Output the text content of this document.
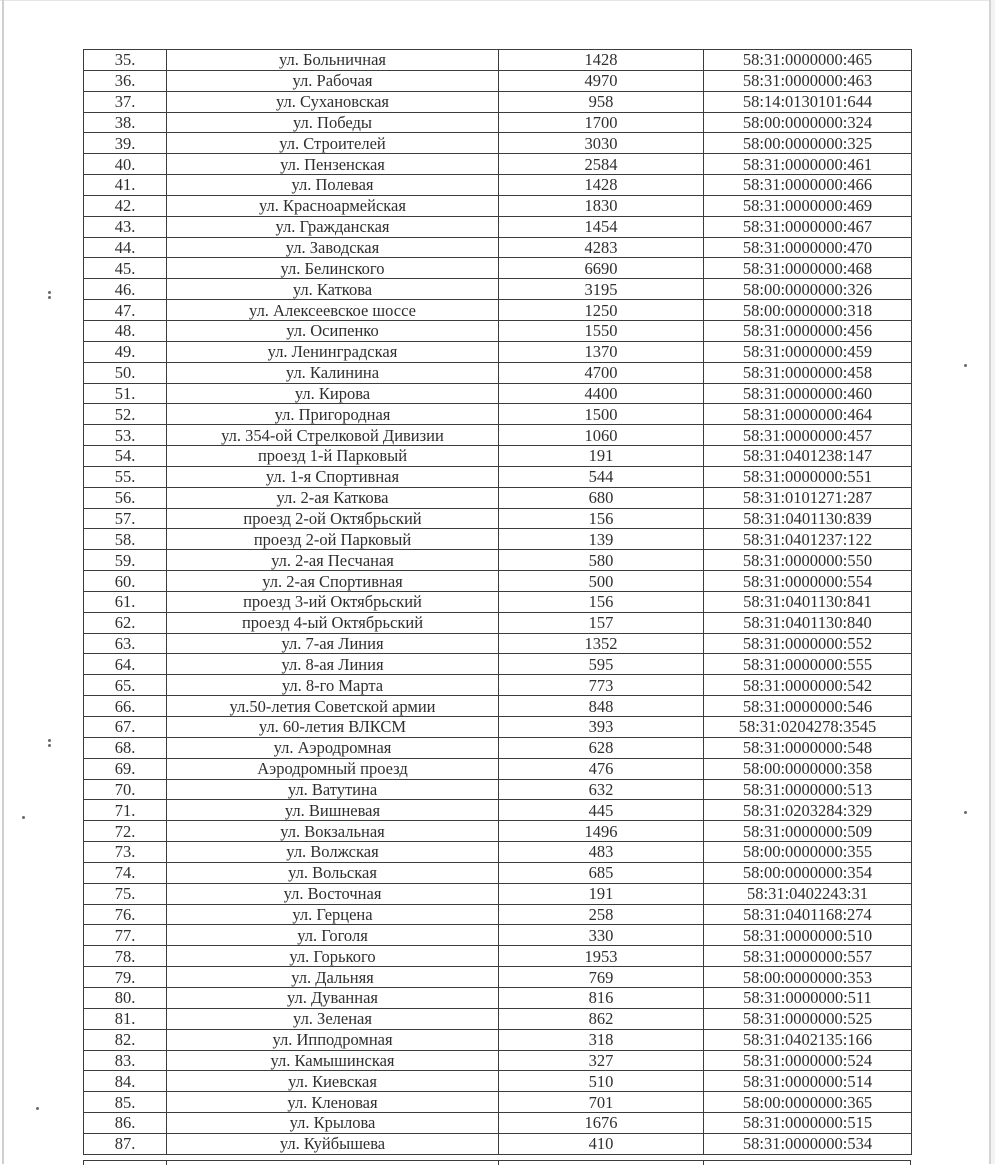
35.	ул. Больничная	1428	58:31:0000000:465
36.	ул. Рабочая	4970	58:31:0000000:463
37.	ул. Сухановская	958	58:14:0130101:644
38.	ул. Победы	1700	58:00:0000000:324
39.	ул. Строителей	3030	58:00:0000000:325
40.	ул. Пензенская	2584	58:31:0000000:461
41.	ул. Полевая	1428	58:31:0000000:466
42.	ул. Красноармейская	1830	58:31:0000000:469
43.	ул. Гражданская	1454	58:31:0000000:467
44.	ул. Заводская	4283	58:31:0000000:470
45.	ул. Белинского	6690	58:31:0000000:468
46.	ул. Каткова	3195	58:00:0000000:326
47.	ул. Алексеевское шоссе	1250	58:00:0000000:318
48.	ул. Осипенко	1550	58:31:0000000:456
49.	ул. Ленинградская	1370	58:31:0000000:459
50.	ул. Калинина	4700	58:31:0000000:458
51.	ул. Кирова	4400	58:31:0000000:460
52.	ул. Пригородная	1500	58:31:0000000:464
53.	ул. 354-ой Стрелковой Дивизии	1060	58:31:0000000:457
54.	проезд 1-й Парковый	191	58:31:0401238:147
55.	ул. 1-я Спортивная	544	58:31:0000000:551
56.	ул. 2-ая Каткова	680	58:31:0101271:287
57.	проезд 2-ой Октябрьский	156	58:31:0401130:839
58.	проезд 2-ой Парковый	139	58:31:0401237:122
59.	ул. 2-ая Песчаная	580	58:31:0000000:550
60.	ул. 2-ая Спортивная	500	58:31:0000000:554
61.	проезд 3-ий Октябрьский	156	58:31:0401130:841
62.	проезд 4-ый Октябрьский	157	58:31:0401130:840
63.	ул. 7-ая Линия	1352	58:31:0000000:552
64.	ул. 8-ая Линия	595	58:31:0000000:555
65.	ул. 8-го Марта	773	58:31:0000000:542
66.	ул.50-летия Советской армии	848	58:31:0000000:546
67.	ул. 60-летия ВЛКСМ	393	58:31:0204278:3545
68.	ул. Аэродромная	628	58:31:0000000:548
69.	Аэродромный проезд	476	58:00:0000000:358
70.	ул. Ватутина	632	58:31:0000000:513
71.	ул. Вишневая	445	58:31:0203284:329
72.	ул. Вокзальная	1496	58:31:0000000:509
73.	ул. Волжская	483	58:00:0000000:355
74.	ул. Вольская	685	58:00:0000000:354
75.	ул. Восточная	191	58:31:0402243:31
76.	ул. Герцена	258	58:31:0401168:274
77.	ул. Гоголя	330	58:31:0000000:510
78.	ул. Горького	1953	58:31:0000000:557
79.	ул. Дальняя	769	58:00:0000000:353
80.	ул. Дуванная	816	58:31:0000000:511
81.	ул. Зеленая	862	58:31:0000000:525
82.	ул. Ипподромная	318	58:31:0402135:166
83.	ул. Камышинская	327	58:31:0000000:524
84.	ул. Киевская	510	58:31:0000000:514
85.	ул. Кленовая	701	58:00:0000000:365
86.	ул. Крылова	1676	58:31:0000000:515
87.	ул. Куйбышева	410	58:31:0000000:534
